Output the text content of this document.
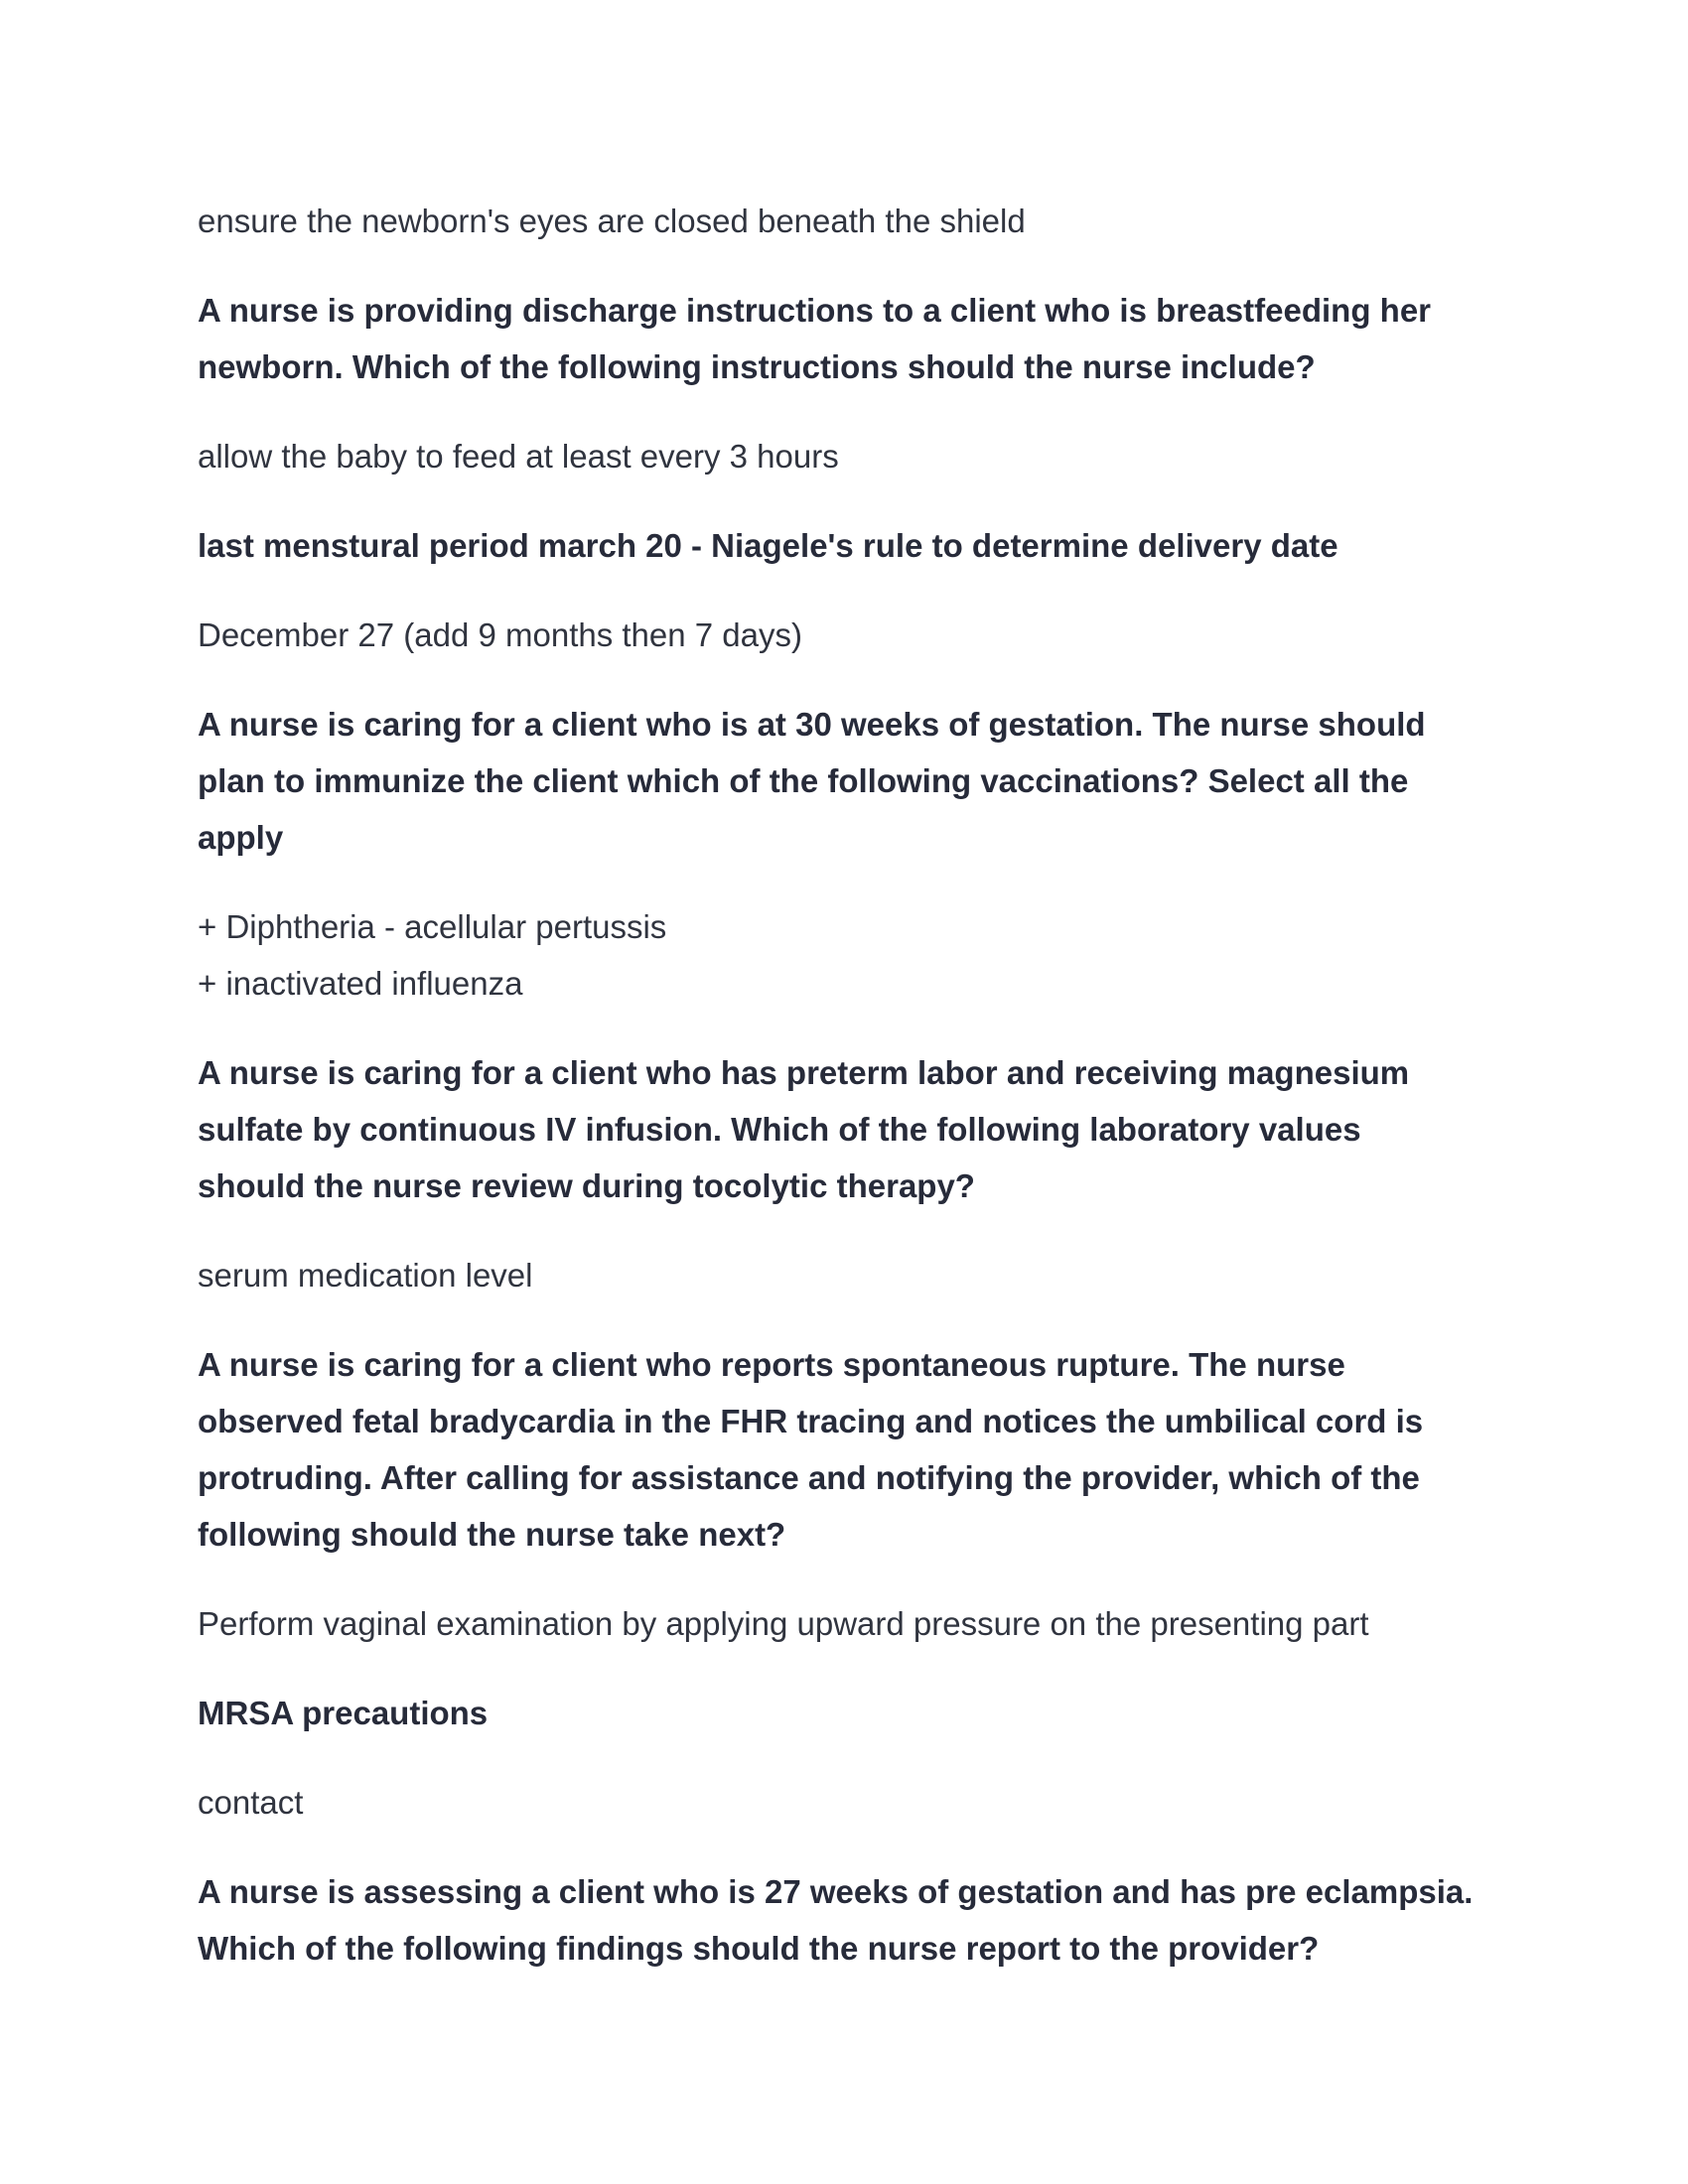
ensure the newborn's eyes are closed beneath the shield

A nurse is providing discharge instructions to a client who is breastfeeding her
newborn. Which of the following instructions should the nurse include?

allow the baby to feed at least every 3 hours

last menstural period march 20 - Niagele's rule to determine delivery date

December 27 (add 9 months then 7 days)

A nurse is caring for a client who is at 30 weeks of gestation. The nurse should
plan to immunize the client which of the following vaccinations? Select all the
apply

+ Diphtheria - acellular pertussis
+ inactivated influenza

A nurse is caring for a client who has preterm labor and receiving magnesium
sulfate by continuous IV infusion. Which of the following laboratory values
should the nurse review during tocolytic therapy?

serum medication level

A nurse is caring for a client who reports spontaneous rupture. The nurse
observed fetal bradycardia in the FHR tracing and notices the umbilical cord is
protruding. After calling for assistance and notifying the provider, which of the
following should the nurse take next?

Perform vaginal examination by applying upward pressure on the presenting part

MRSA precautions

contact

A nurse is assessing a client who is 27 weeks of gestation and has pre eclampsia.
Which of the following findings should the nurse report to the provider?
